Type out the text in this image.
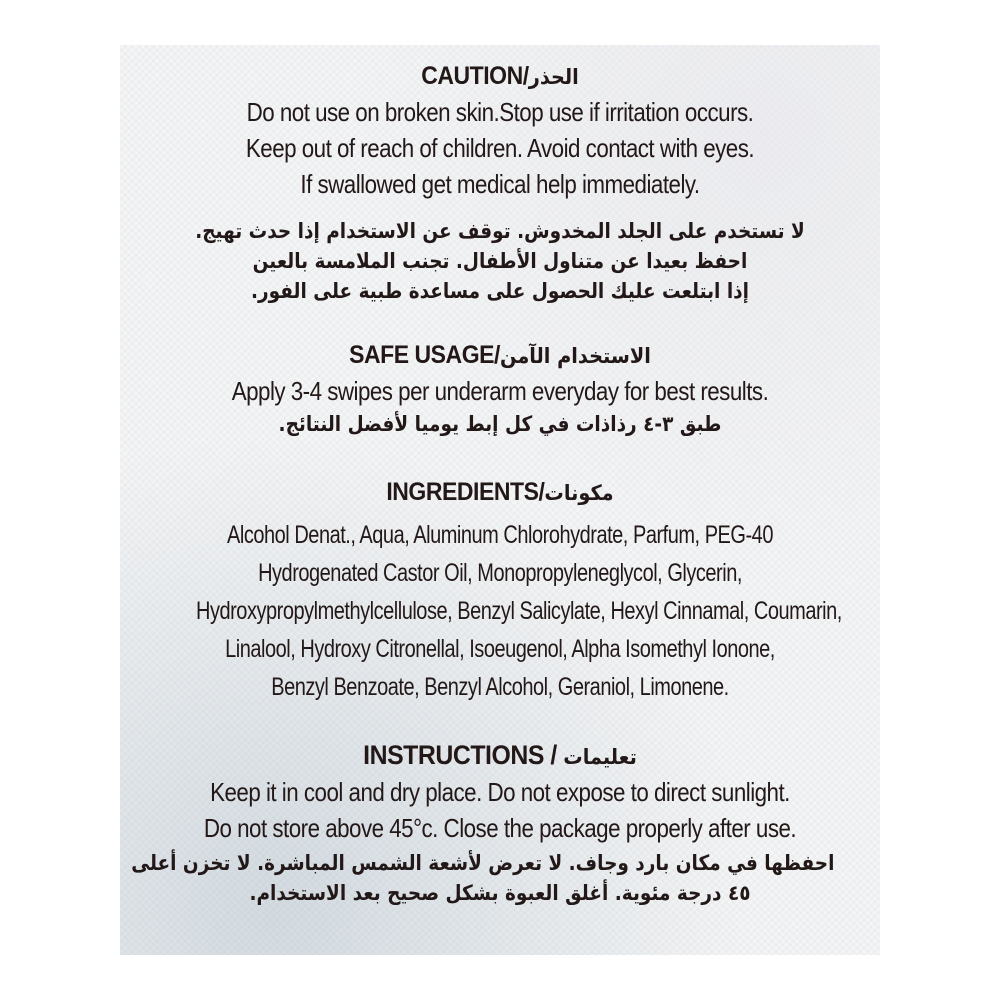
CAUTION/الحذر
Do not use on broken skin.Stop use if irritation occurs.
Keep out of reach of children. Avoid contact with eyes.
If swallowed get medical help immediately.
لا تستخدم على الجلد المخدوش. توقف عن الاستخدام إذا حدث تهيج.
احفظ بعيدا عن متناول الأطفال. تجنب الملامسة بالعين
إذا ابتلعت عليك الحصول على مساعدة طبية على الفور.
SAFE USAGE/الاستخدام الآمن
Apply 3-4 swipes per underarm everyday for best results.
طبق ٣-٤ رذاذات في كل إبط يوميا لأفضل النتائج.
INGREDIENTS/مكونات
Alcohol Denat., Aqua, Aluminum Chlorohydrate, Parfum, PEG-40
Hydrogenated Castor Oil, Monopropyleneglycol, Glycerin,
Hydroxypropylmethylcellulose, Benzyl Salicylate, Hexyl Cinnamal, Coumarin,
Linalool, Hydroxy Citronellal, Isoeugenol, Alpha Isomethyl Ionone,
Benzyl Benzoate, Benzyl Alcohol, Geraniol, Limonene.
INSTRUCTIONS / تعليمات
Keep it in cool and dry place. Do not expose to direct sunlight.
Do not store above 45°c. Close the package properly after use.
احفظها في مكان بارد وجاف. لا تعرض لأشعة الشمس المباشرة. لا تخزن أعلى
٤٥ درجة مئوية. أغلق العبوة بشكل صحيح بعد الاستخدام.
